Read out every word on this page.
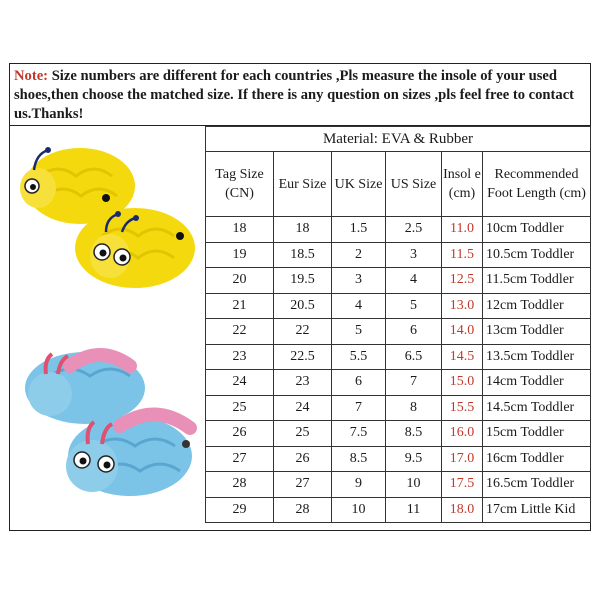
Note: Size numbers are different for each countries ,Pls measure the insole of your used shoes,then choose the matched size. If there is any question on sizes ,pls feel free to contact us.Thanks!
Material: EVA & Rubber					
Tag Size (CN)	Eur Size	UK Size	US Size	Insol e (cm)	Recommended Foot Length (cm)
18	18	1.5	2.5	11.0	10cm Toddler
19	18.5	2	3	11.5	10.5cm Toddler
20	19.5	3	4	12.5	11.5cm Toddler
21	20.5	4	5	13.0	12cm Toddler
22	22	5	6	14.0	13cm Toddler
23	22.5	5.5	6.5	14.5	13.5cm Toddler
24	23	6	7	15.0	14cm Toddler
25	24	7	8	15.5	14.5cm Toddler
26	25	7.5	8.5	16.0	15cm Toddler
27	26	8.5	9.5	17.0	16cm Toddler
28	27	9	10	17.5	16.5cm Toddler
29	28	10	11	18.0	17cm Little Kid
